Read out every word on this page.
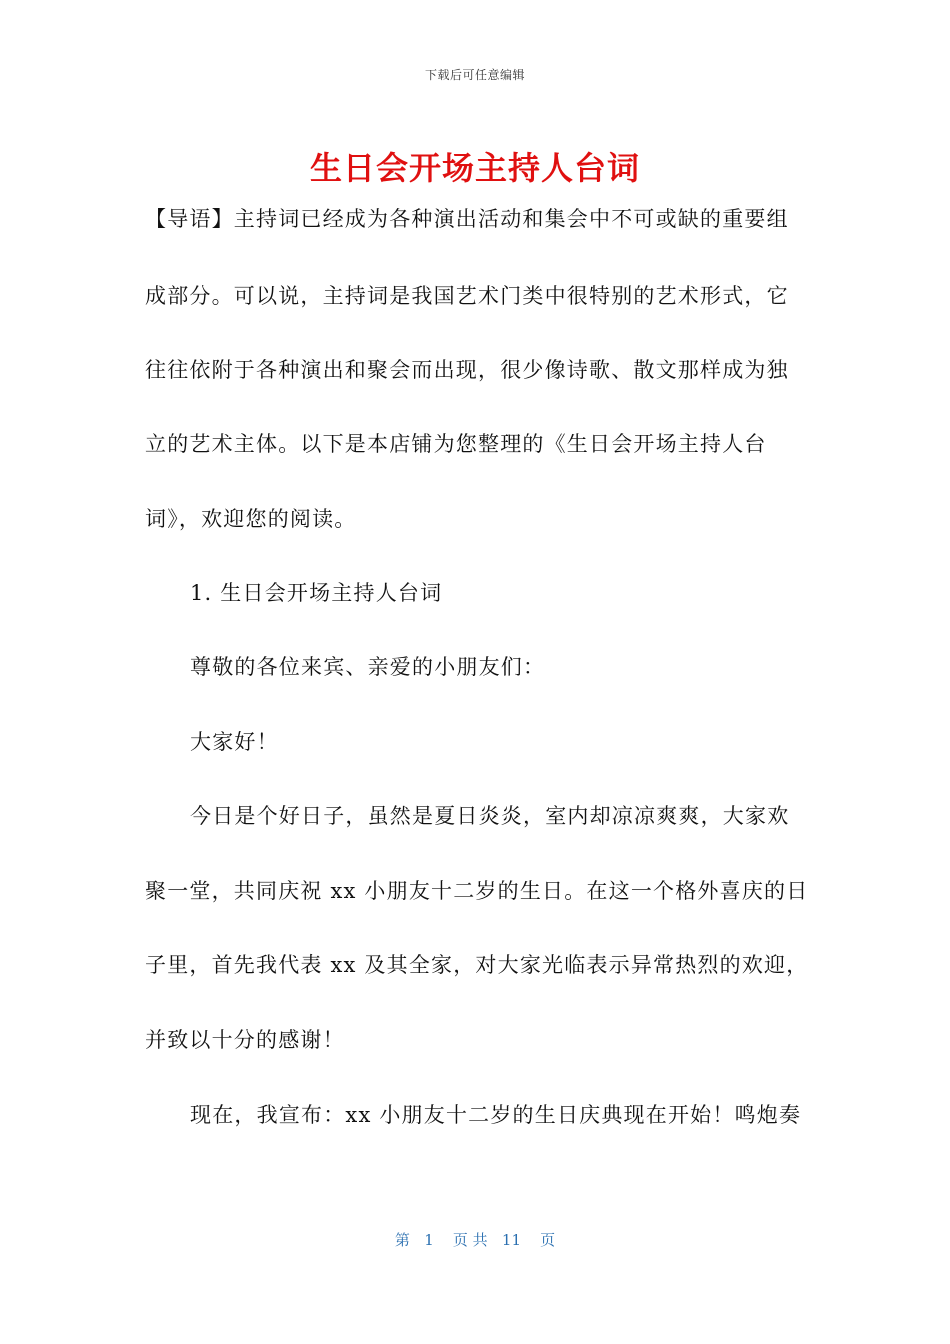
下载后可任意编辑
生日会开场主持人台词
【导语】主持词已经成为各种演出活动和集会中不可或缺的重要组
成部分。可以说，主持词是我国艺术门类中很特别的艺术形式，它
往往依附于各种演出和聚会而出现，很少像诗歌、散文那样成为独
立的艺术主体。以下是本店铺为您整理的《生日会开场主持人台
词》，欢迎您的阅读。
1. 生日会开场主持人台词
尊敬的各位来宾、亲爱的小朋友们：
大家好！
今日是个好日子，虽然是夏日炎炎，室内却凉凉爽爽，大家欢
聚一堂，共同庆祝 xx 小朋友十二岁的生日。在这一个格外喜庆的日
子里，首先我代表 xx 及其全家，对大家光临表示异常热烈的欢迎，
并致以十分的感谢！
现在，我宣布：xx 小朋友十二岁的生日庆典现在开始！鸣炮奏
第   1    页 共   11    页
